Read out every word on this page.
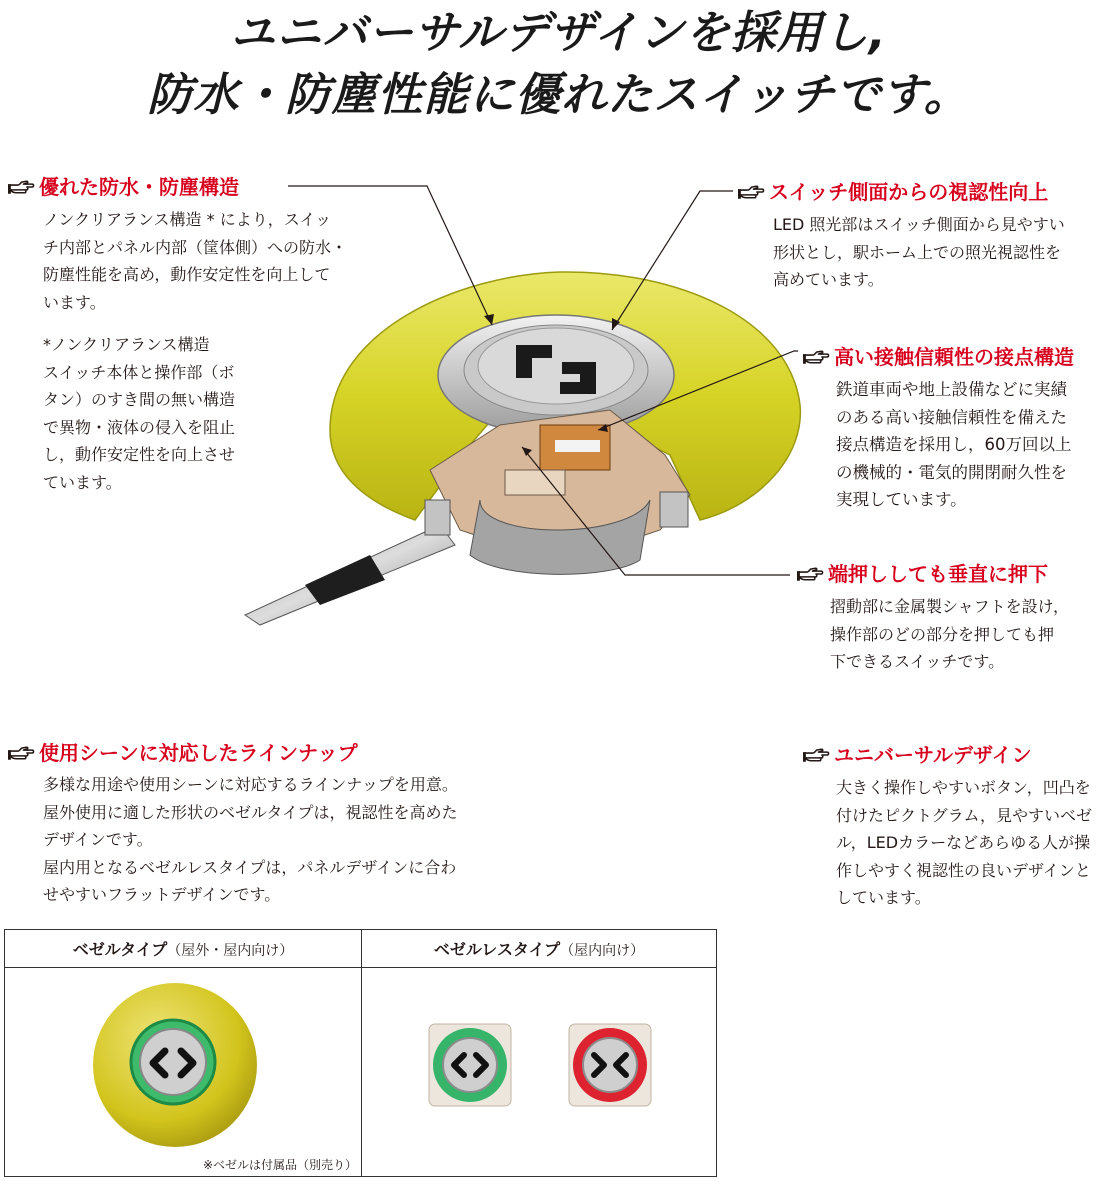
ユニバーサルデザインを採用し,
防水・防塵性能に優れたスイッチです。
優れた防水・防塵構造

ノンクリアランス構造 * により，スイッ
チ内部とパネル内部（筐体側）への防水・
防塵性能を高め，動作安定性を向上して
います。

*ノンクリアランス構造
スイッチ本体と操作部（ボ
タン）のすき間の無い構造
で異物・液体の侵入を阻止
し，動作安定性を向上させ
ています。

スイッチ側面からの視認性向上

LED 照光部はスイッチ側面から見やすい
形状とし，駅ホーム上での照光視認性を
高めています。

高い接触信頼性の接点構造

鉄道車両や地上設備などに実績
のある高い接触信頼性を備えた
接点構造を採用し，60万回以上
の機械的・電気的開閉耐久性を
実現しています。

端押ししても垂直に押下

摺動部に金属製シャフトを設け，
操作部のどの部分を押しても押
下できるスイッチです。

使用シーンに対応したラインナップ

多様な用途や使用シーンに対応するラインナップを用意。
屋外使用に適した形状のベゼルタイプは，視認性を高めた
デザインです。
屋内用となるベゼルレスタイプは，パネルデザインに合わ
せやすいフラットデザインです。

ユニバーサルデザイン

大きく操作しやすいボタン，凹凸を
付けたピクトグラム，見やすいベゼ
ル，LEDカラーなどあらゆる人が操
作しやすく視認性の良いデザインと
しています。

ベゼルタイプ（屋外・屋内向け）	ベゼルレスタイプ（屋内向け）

※ベゼルは付属品（別売り）
